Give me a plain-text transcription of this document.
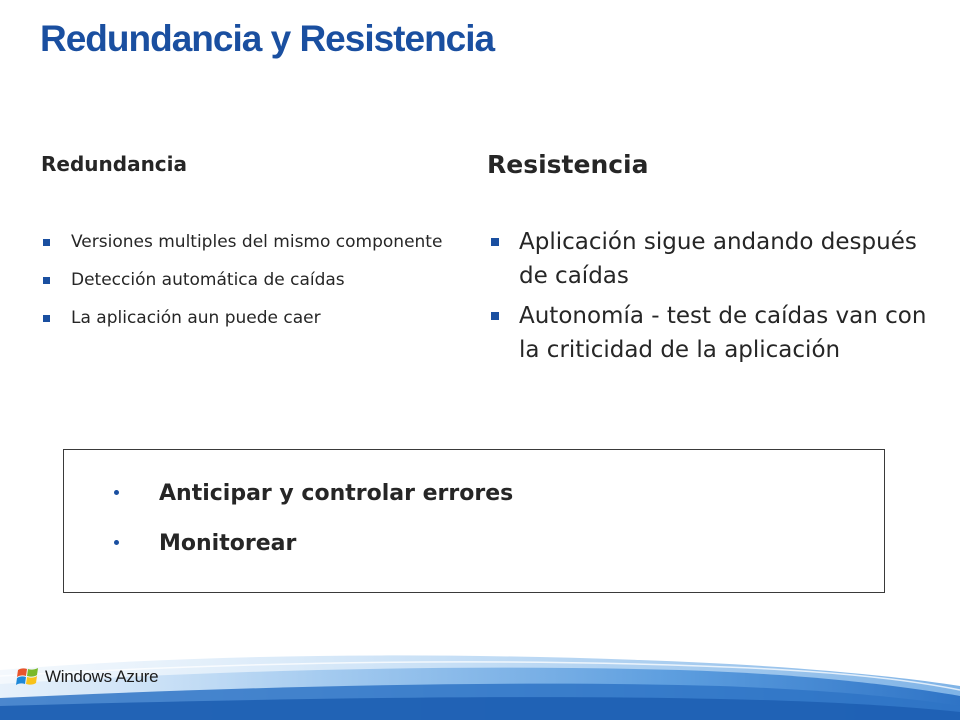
Redundancia y Resistencia
Redundancia	Resistencia
Versiones multiples del mismo componente
Detección automática de caídas
La aplicación aun puede caer
Aplicación sigue andando después de caídas
Autonomía - test de caídas van con la criticidad de la aplicación
Anticipar y controlar errores
Monitorear
Windows Azure
